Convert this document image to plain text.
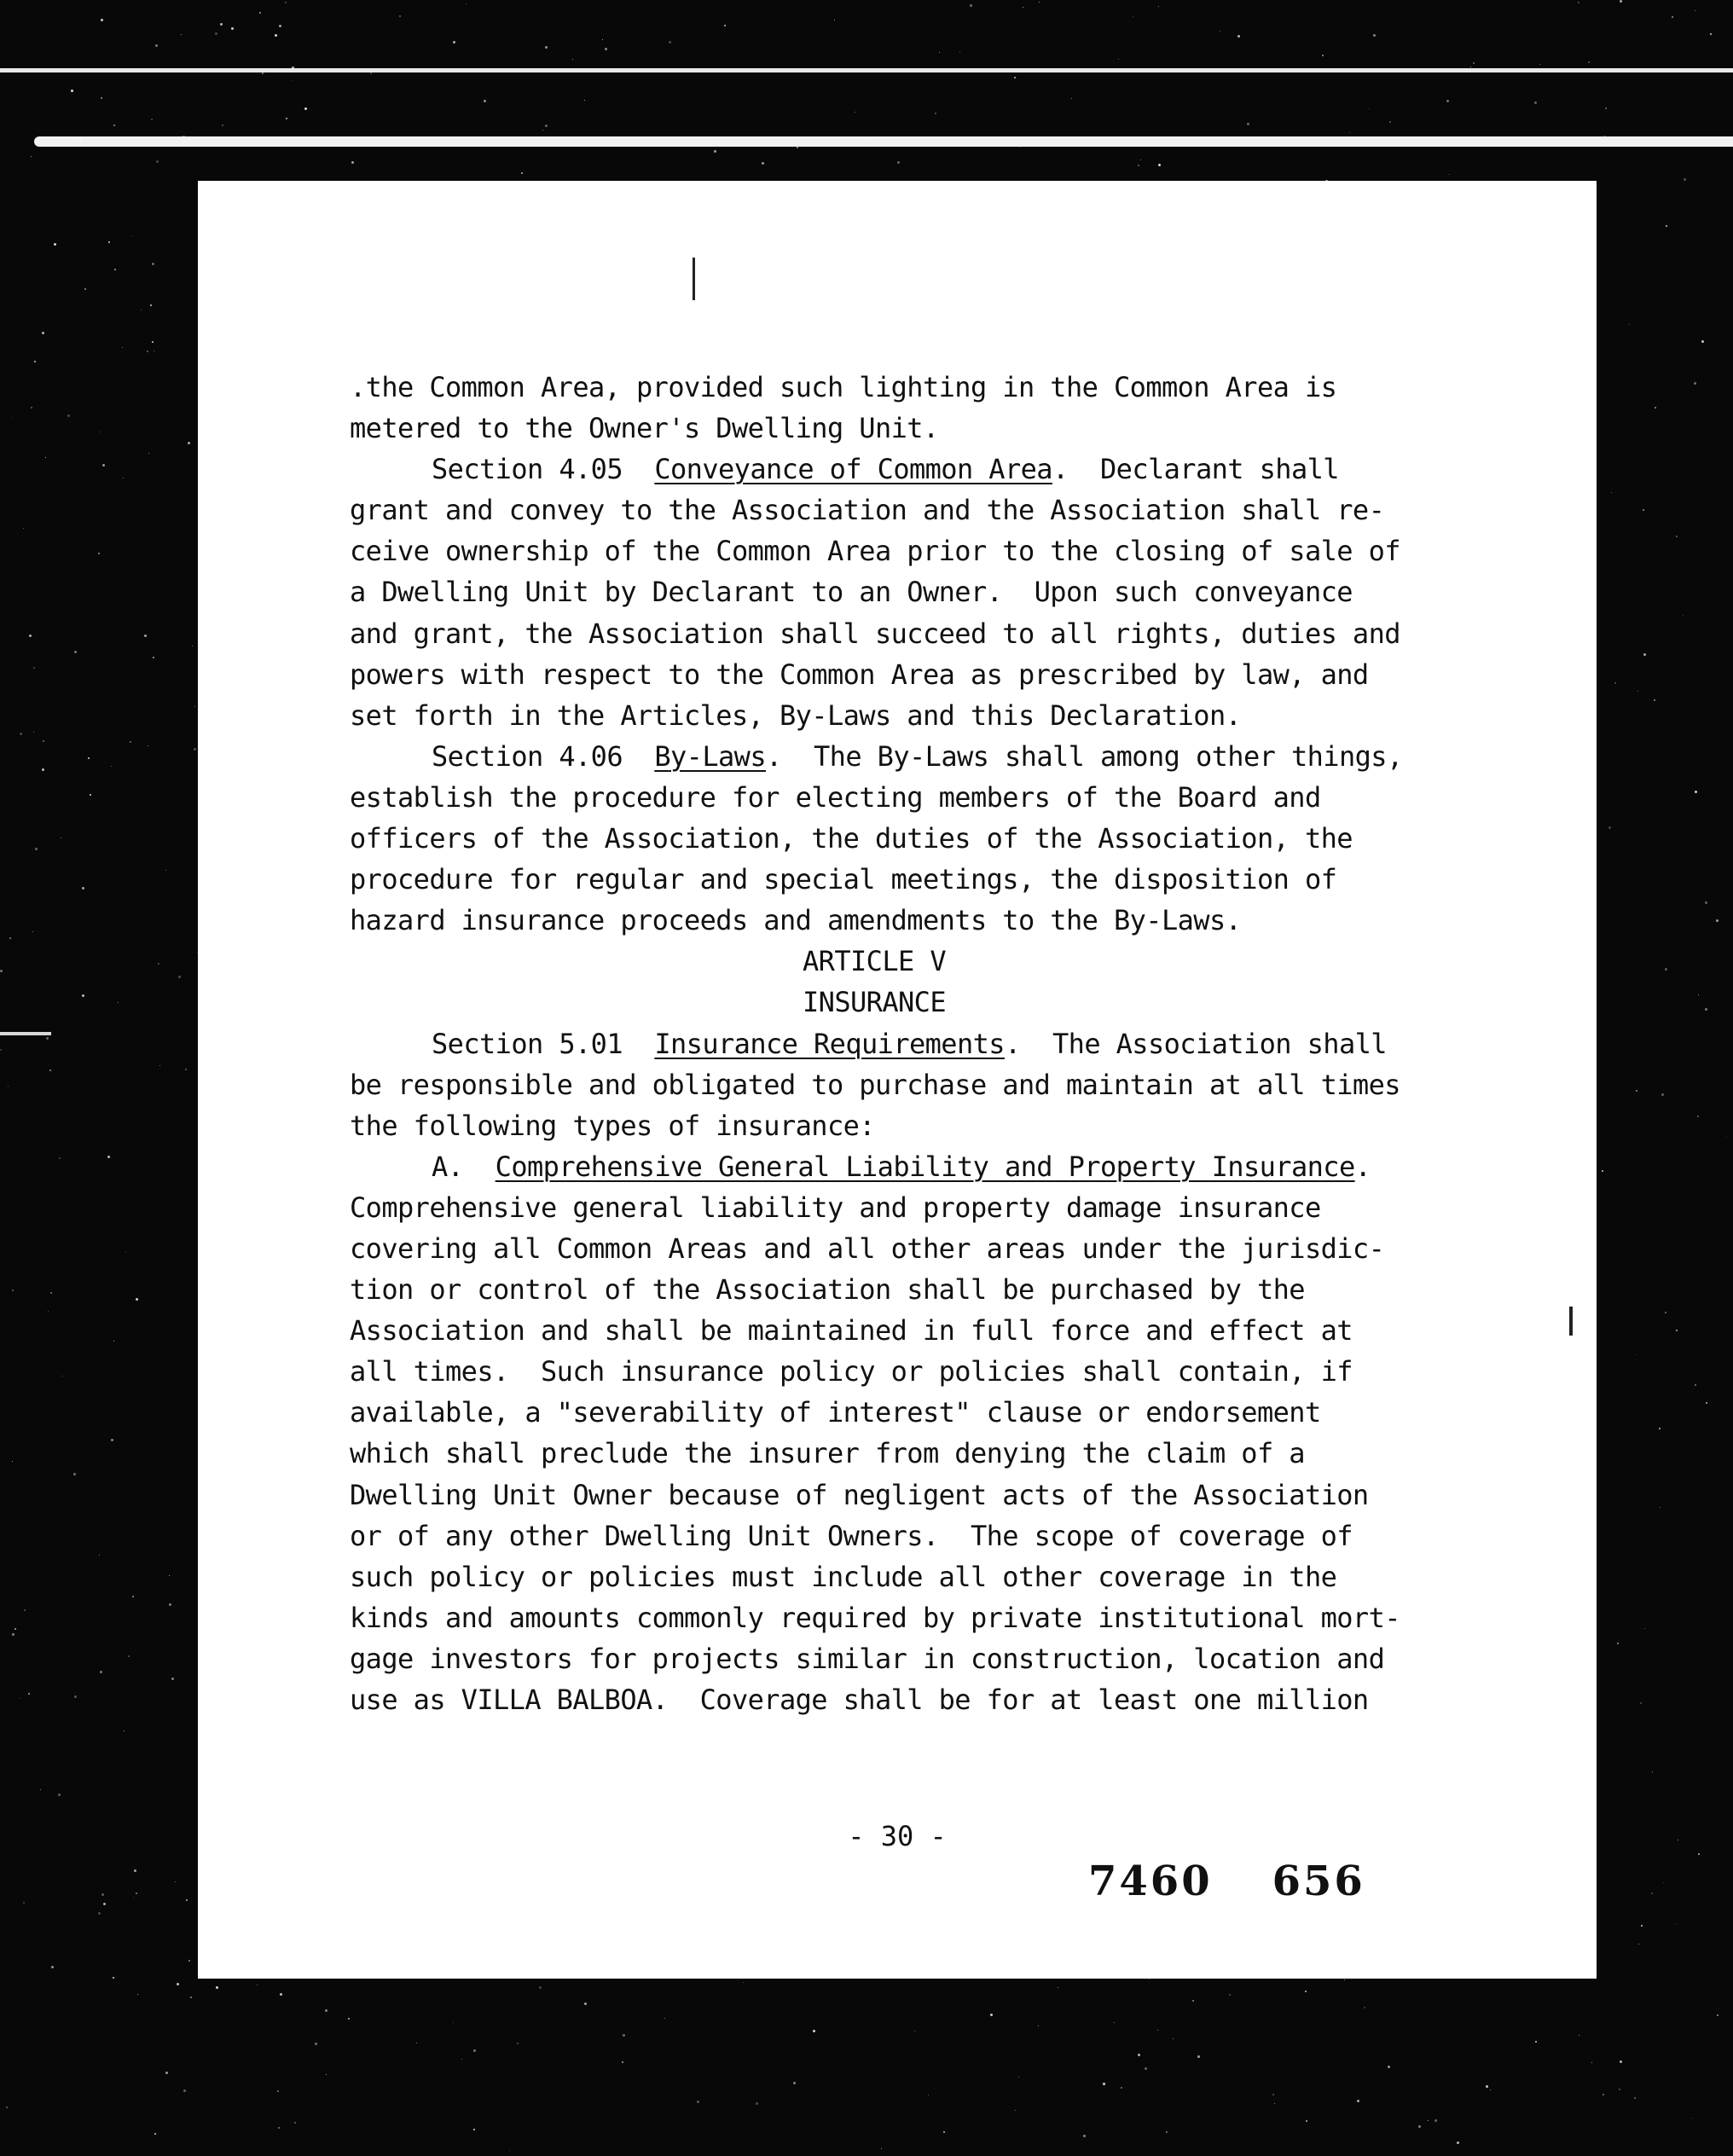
.the Common Area, provided such lighting in the Common Area is

metered to the Owner's Dwelling Unit.

Section 4.05  Conveyance of Common Area.  Declarant shall

grant and convey to the Association and the Association shall re-

ceive ownership of the Common Area prior to the closing of sale of

a Dwelling Unit by Declarant to an Owner.  Upon such conveyance

and grant, the Association shall succeed to all rights, duties and

powers with respect to the Common Area as prescribed by law, and

set forth in the Articles, By-Laws and this Declaration.

Section 4.06  By-Laws.  The By-Laws shall among other things,

establish the procedure for electing members of the Board and

officers of the Association, the duties of the Association, the

procedure for regular and special meetings, the disposition of

hazard insurance proceeds and amendments to the By-Laws.

ARTICLE V

INSURANCE

Section 5.01  Insurance Requirements.  The Association shall

be responsible and obligated to purchase and maintain at all times

the following types of insurance:

A.  Comprehensive General Liability and Property Insurance.

Comprehensive general liability and property damage insurance

covering all Common Areas and all other areas under the jurisdic-

tion or control of the Association shall be purchased by the

Association and shall be maintained in full force and effect at

all times.  Such insurance policy or policies shall contain, if

available, a "severability of interest" clause or endorsement

which shall preclude the insurer from denying the claim of a

Dwelling Unit Owner because of negligent acts of the Association

or of any other Dwelling Unit Owners.  The scope of coverage of

such policy or policies must include all other coverage in the

kinds and amounts commonly required by private institutional mort-

gage investors for projects similar in construction, location and

use as VILLA BALBOA.  Coverage shall be for at least one million

- 30 -
7460 656
